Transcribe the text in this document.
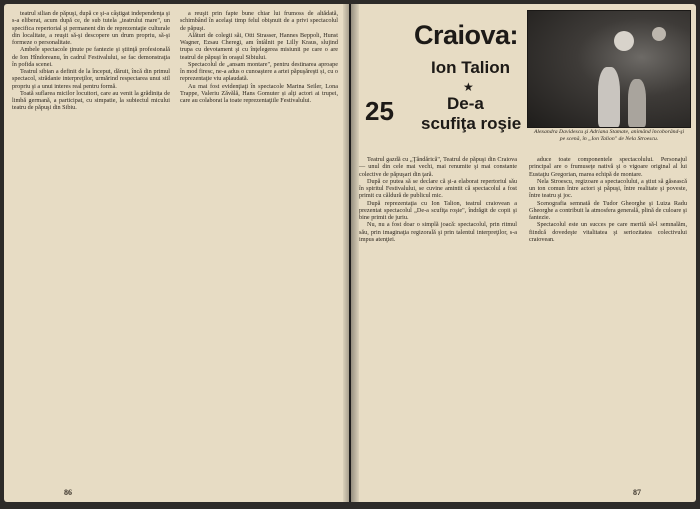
teatrul silian de păpuşi, după ce şi-a câştigat independenţa şi s-a eliberat, acum după ce, de sub tutela „teatrului mare", un specifica repertorial şi permanent din de reprezentaţie culturale din localitate, a reuşit să-şi descopere un drum propriu, să-şi formeze o personalitate.

Ambele spectacole ţinute pe fantezie şi ştiinţă profesională de Ion Hîndoreanu, în cadrul Festivalului, se fac demonstraţia în pofida scenei.

Teatrul sibian a definit de la început, dăruit, încă din primul spectacol, strădanie interpreţilor, urmărind respectarea unui stil propriu şi a unui interes real pentru formă.

Toată suflarea micilor locuitori, care au venit la grădinița de limbă germană, a participat, cu simpatie, la subiectul micului teatru de păpuşi din Sibiu.

a reuşit prin fapte bune chiar lui frumoss de altădată, schimbând în acelaşi timp felul obişnuit de a privi spectacolul de păpuşi.

Alături de colegii săi, Otti Strasser, Hannes Beppoli, Hunst Wagner, Ezsau Cheregi, am întâlnit pe Lilly Kraus, slujind trupa cu devotament şi cu înţelegerea misiunii pe care o are teatrul de păpuşi în oraşul Sibiului.

Spectacolul de „ansam montare", pentru destinarea aproape în mod firesc, ne-a adus o cunoaştere a artei păpuşăreşti și, cu o reprezentaţie viu aplaudată.

Au mai fost evidenţiaţi în spectacole Marina Seiler, Lona Trappe, Valeriu Zăvălă, Hans Gomuter și alţi actori ai trupei, care au colaborat la toate reprezentaţiile Festivalului.

86
25
Craiova:
Ion Talion
★
De-a
scufiţa roşie Alexandra Davidescu şi Adriana Stamate, animând încoborând-şi pe scenă, în „Ion Talion" de Nela Stroescu.

Teatrul gazdă cu „Ţăndărică", Teatrul de păpuşi din Craiova — unul din cele mai vechi, mai renumite şi mai constante colective de păpuşari din ţară.

După ce putea să se declare că şi-a elaborat repertoriul său în spiritul Festivalului, se cuvine amintit că spectacolul a fost primit cu căldură de publicul mic.

După reprezentaţia cu Ion Talion, teatrul craiovean a prezentat spectacolul „De-a scufiţa roşie", îndrăgit de copii şi bine primit de juriu.

Nu, nu a fost doar o simplă joacă: spectacolul, prin ritmul său, prin imaginaţia regizorală şi prin talentul interpreţilor, s-a impus atenţiei.

aduce toate componentele spectacolului. Personajul principal are o frumuseţe nativă şi o vigoare original al lui Eustaţiu Gregorian, marea echipă de montare.

Nela Stroescu, regizoare a spectacolului, a ştiut să găsească un ton comun între actori şi păpuşi, între realitate şi poveste, între teatru şi joc.

Scenografia semnată de Tudor Gheorghe şi Luiza Radu Gheorghe a contribuit la atmosfera generală, plină de culoare şi fantezie.

Spectacolul este un succes pe care merită să-l semnalăm, fiindcă dovedeşte vitalitatea şi seriozitatea colectivului craiovean.

87
